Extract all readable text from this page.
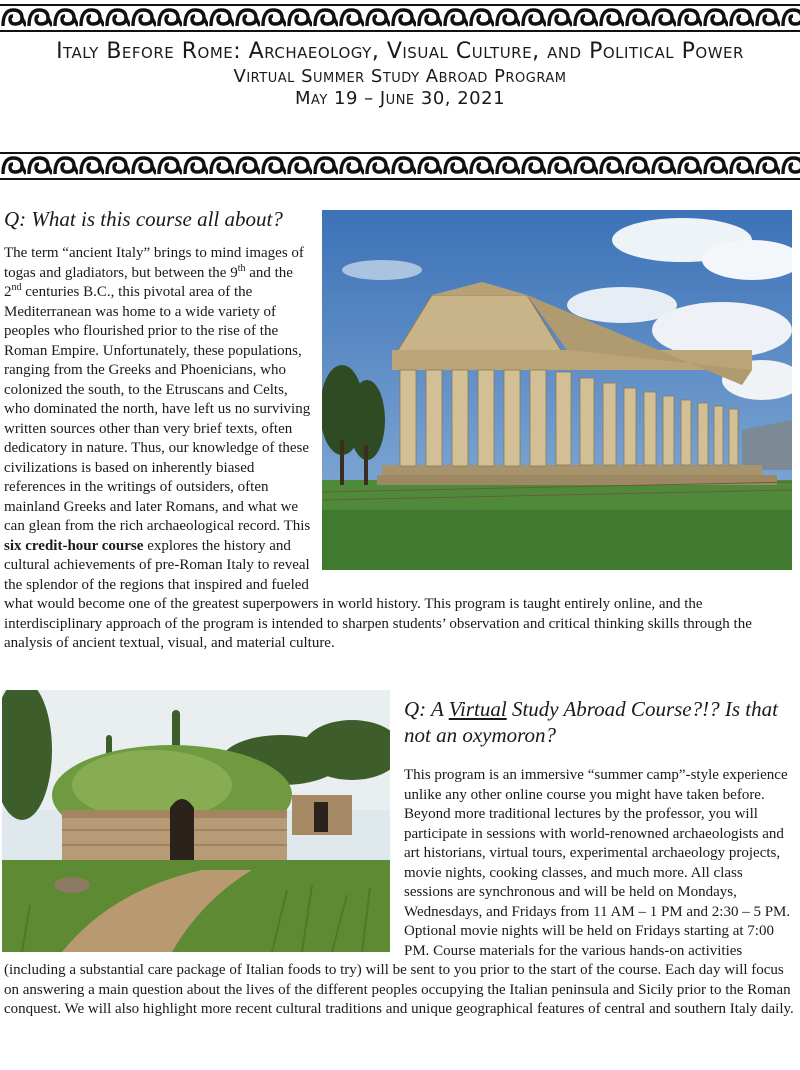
Italy Before Rome: Archaeology, Visual Culture, and Political Power
Virtual Summer Study Abroad Program
May 19 – June 30, 2021
Q: What is this course all about?

The term “ancient Italy” brings to mind images of togas and gladiators, but between the 9th and the 2nd centuries B.C., this pivotal area of the Mediterranean was home to a wide variety of peoples who flourished prior to the rise of the Roman Empire. Unfortunately, these populations, ranging from the Greeks and Phoenicians, who colonized the south, to the Etruscans and Celts, who dominated the north, have left us no surviving written sources other than very brief texts, often dedicatory in nature. Thus, our knowledge of these civilizations is based on inherently biased references in the writings of outsiders, often mainland Greeks and later Romans, and what we can glean from the rich archaeological record. This six credit-hour course explores the history and cultural achievements of pre-Roman Italy to reveal the splendor of the regions that inspired and fueled what would become one of the greatest superpowers in world history. This program is taught entirely online, and the interdisciplinary approach of the program is intended to sharpen students’ observation and critical thinking skills through the analysis of ancient textual, visual, and material culture.

Q: A Virtual Study Abroad Course?!? Is that not an oxymoron?

This program is an immersive “summer camp”-style experience unlike any other online course you might have taken before. Beyond more traditional lectures by the professor, you will participate in sessions with world-renowned archaeologists and art historians, virtual tours, experimental archaeology projects, movie nights, cooking classes, and much more. All class sessions are synchronous and will be held on Mondays, Wednesdays, and Fridays from 11 AM – 1 PM and 2:30 – 5 PM. Optional movie nights will be held on Fridays starting at 7:00 PM. Course materials for the various hands-on activities (including a substantial care package of Italian foods to try) will be sent to you prior to the start of the course. Each day will focus on answering a main question about the lives of the different peoples occupying the Italian peninsula and Sicily prior to the Roman conquest. We will also highlight more recent cultural traditions and unique geographical features of central and southern Italy daily.
